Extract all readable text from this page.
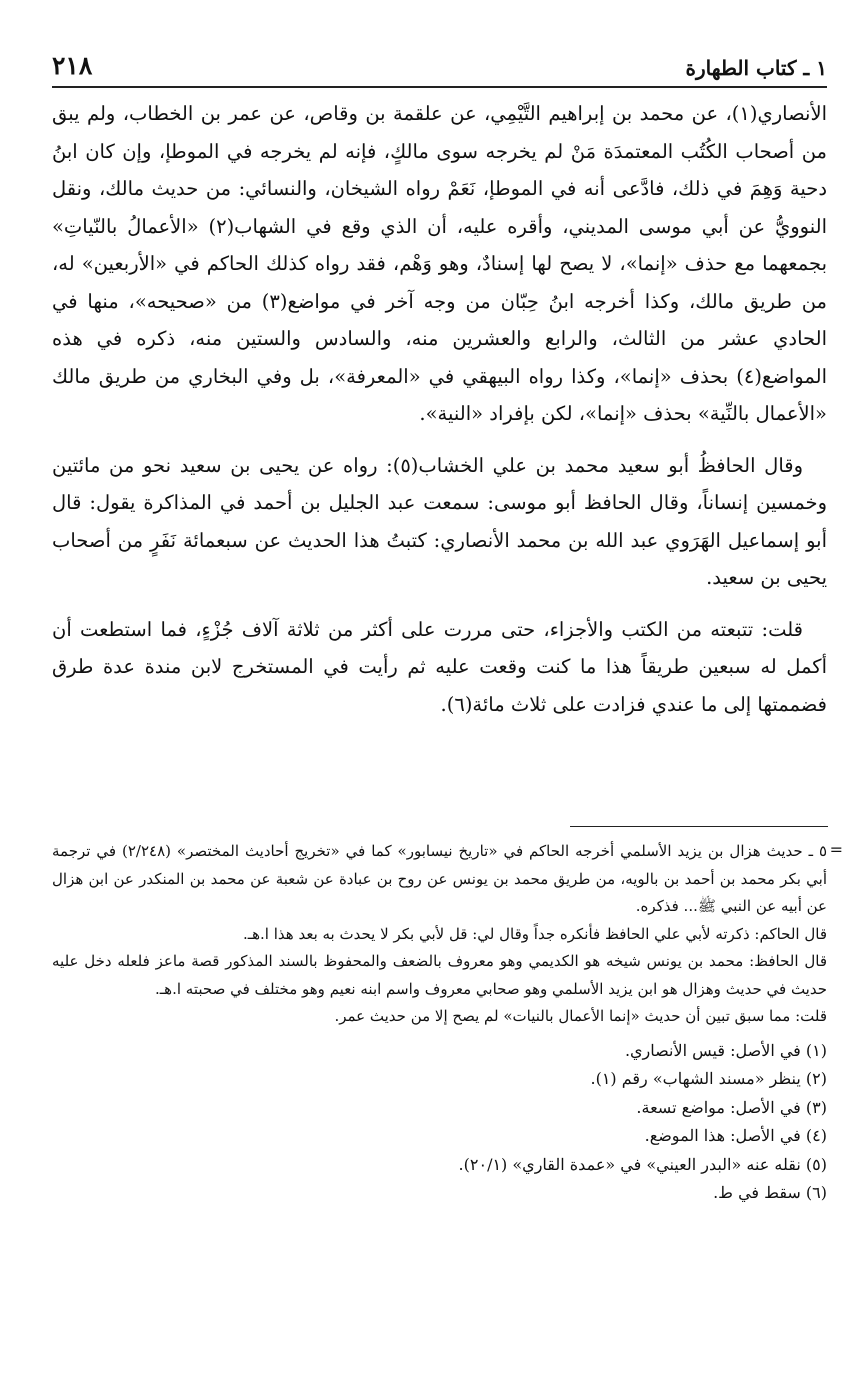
٢١٨	١ ـ كتاب الطهارة

الأنصاري(١)، عن محمد بن إبراهيم التَّيْمِي، عن علقمة بن وقاص، عن عمر بن الخطاب، ولم يبق من أصحاب الكُتُب المعتمدَة مَنْ لم يخرجه سوى مالكٍ، فإنه لم يخرجه في الموطإ، وإن كان ابنُ دحية وَهِمَ في ذلك، فادَّعى أنه في الموطإ، نَعَمْ رواه الشيخان، والنسائي: من حديث مالك، ونقل النوويُّ عن أبي موسى المديني، وأقره عليه، أن الذي وقع في الشهاب(٢) «الأعمالُ بالنّياتِ» بجمعهما مع حذف «إنما»، لا يصح لها إسنادٌ، وهو وَهْم، فقد رواه كذلك الحاكم في «الأربعين» له، من طريق مالك، وكذا أخرجه ابنُ حِبّان من وجه آخر في مواضع(٣) من «صحيحه»، منها في الحادي عشر من الثالث، والرابع والعشرين منه، والسادس والستين منه، ذكره في هذه المواضع(٤) بحذف «إنما»، وكذا رواه البيهقي في «المعرفة»، بل وفي البخاري من طريق مالك «الأعمال بالنِّية» بحذف «إنما»، لكن بإفراد «النية».

وقال الحافظُ أبو سعيد محمد بن علي الخشاب(٥): رواه عن يحيى بن سعيد نحو من مائتين وخمسين إنساناً، وقال الحافظ أبو موسى: سمعت عبد الجليل بن أحمد في المذاكرة يقول: قال أبو إسماعيل الهَرَوي عبد الله بن محمد الأنصاري: كتبتُ هذا الحديث عن سبعمائة نَفَرٍ من أصحاب يحيى بن سعيد.

قلت: تتبعته من الكتب والأجزاء، حتى مررت على أكثر من ثلاثة آلاف جُزْءٍ، فما استطعت أن أكمل له سبعين طريقاً هذا ما كنت وقعت عليه ثم رأيت في المستخرج لابن مندة عدة طرق فضممتها إلى ما عندي فزادت على ثلاث مائة(٦).

=

٥ ـ حديث هزال بن يزيد الأسلمي أخرجه الحاكم في «تاريخ نيسابور» كما في «تخريج أحاديث المختصر» (٢/٢٤٨) في ترجمة أبي بكر محمد بن أحمد بن بالويه، من طريق محمد بن يونس عن روح بن عبادة عن شعبة عن محمد بن المنكدر عن ابن هزال عن أبيه عن النبي ﷺ... فذكره.

قال الحاكم: ذكرته لأبي علي الحافظ فأنكره جداً وقال لي: قل لأبي بكر لا يحدث به بعد هذا ا.هـ.

قال الحافظ: محمد بن يونس شيخه هو الكديمي وهو معروف بالضعف والمحفوظ بالسند المذكور قصة ماعز فلعله دخل عليه حديث في حديث وهزال هو ابن يزيد الأسلمي وهو صحابي معروف واسم ابنه نعيم وهو مختلف في صحبته ا.هـ.

قلت: مما سبق تبين أن حديث «إنما الأعمال بالنيات» لم يصح إلا من حديث عمر.

(١) في الأصل: قيس الأنصاري.
(٢) ينظر «مسند الشهاب» رقم (١).
(٣) في الأصل: مواضع تسعة.
(٤) في الأصل: هذا الموضع.
(٥) نقله عنه «البدر العيني» في «عمدة القاري» (٢٠/١).
(٦) سقط في ط.
